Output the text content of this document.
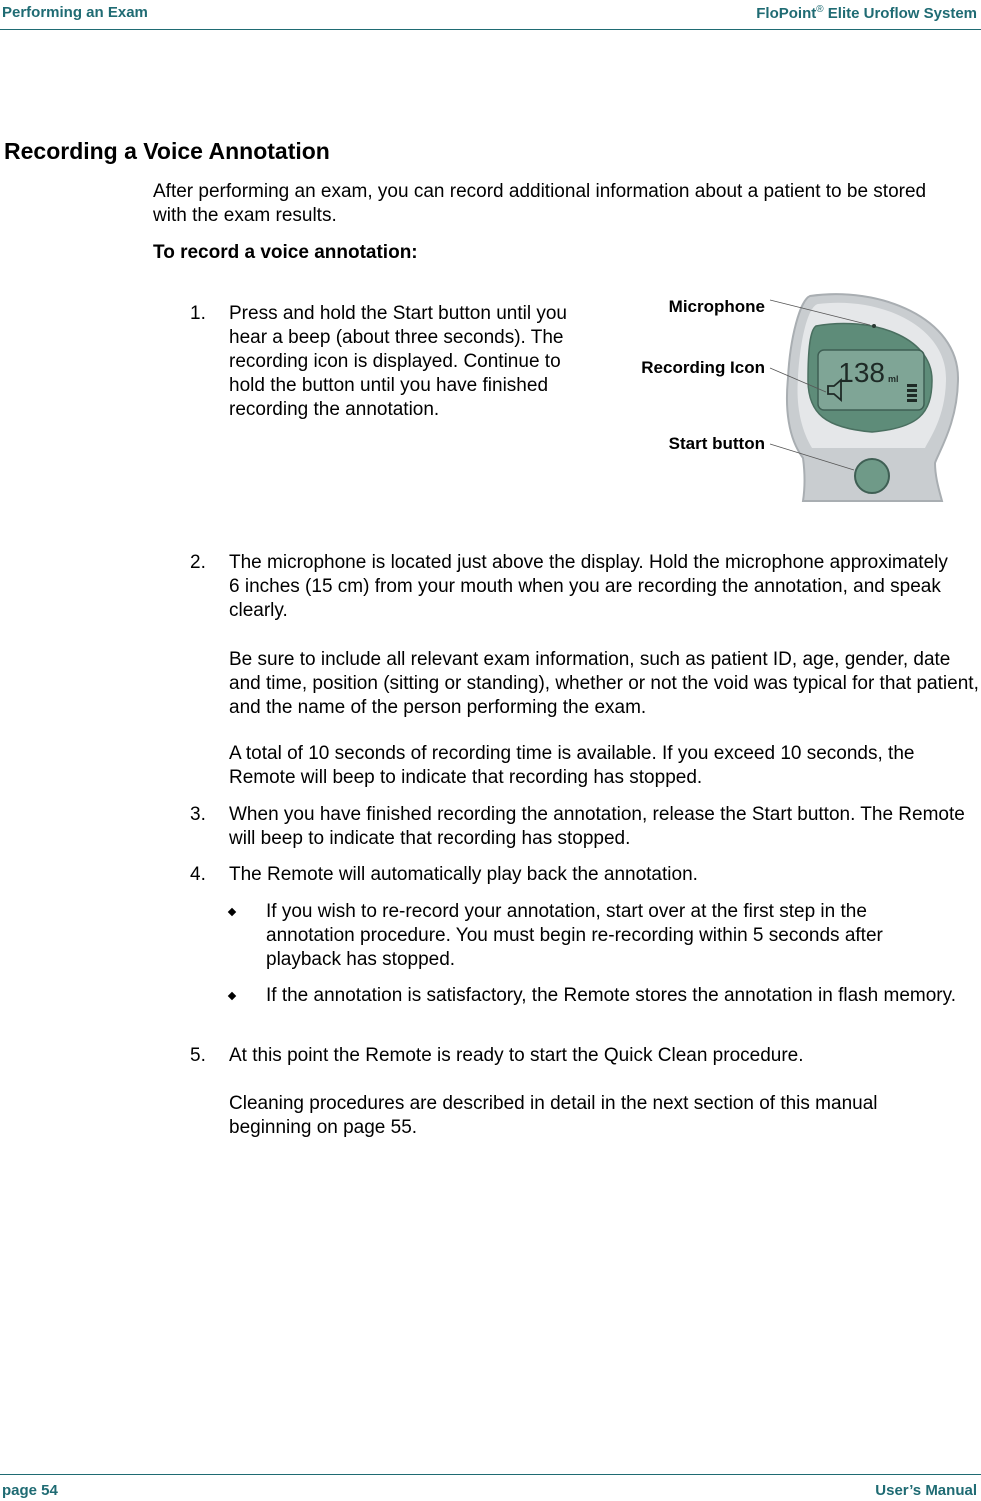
Performing an Exam	FloPoint® Elite Uroflow System
Recording a Voice Annotation

After performing an exam, you can record additional information about a patient to be stored with the exam results.

To record a voice annotation:

1. Press and hold the Start button until you hear a beep (about three seconds). The recording icon is displayed. Continue to hold the button until you have finished recording the annotation.

138 ml
Microphone
Recording Icon
Start button
2. The microphone is located just above the display. Hold the microphone approximately 6 inches (15 cm) from your mouth when you are recording the annotation, and speak clearly.

Be sure to include all relevant exam information, such as patient ID, age, gender, date and time, position (sitting or standing), whether or not the void was typical for that patient, and the name of the person performing the exam.

A total of 10 seconds of recording time is available. If you exceed 10 seconds, the Remote will beep to indicate that recording has stopped.

3. When you have finished recording the annotation, release the Start button. The Remote will beep to indicate that recording has stopped.

4. The Remote will automatically play back the annotation.

If you wish to re-record your annotation, start over at the first step in the annotation procedure. You must begin re-recording within 5 seconds after playback has stopped.

If the annotation is satisfactory, the Remote stores the annotation in flash memory.

5. At this point the Remote is ready to start the Quick Clean procedure.

Cleaning procedures are described in detail in the next section of this manual beginning on page 55.

page 54	User’s Manual
